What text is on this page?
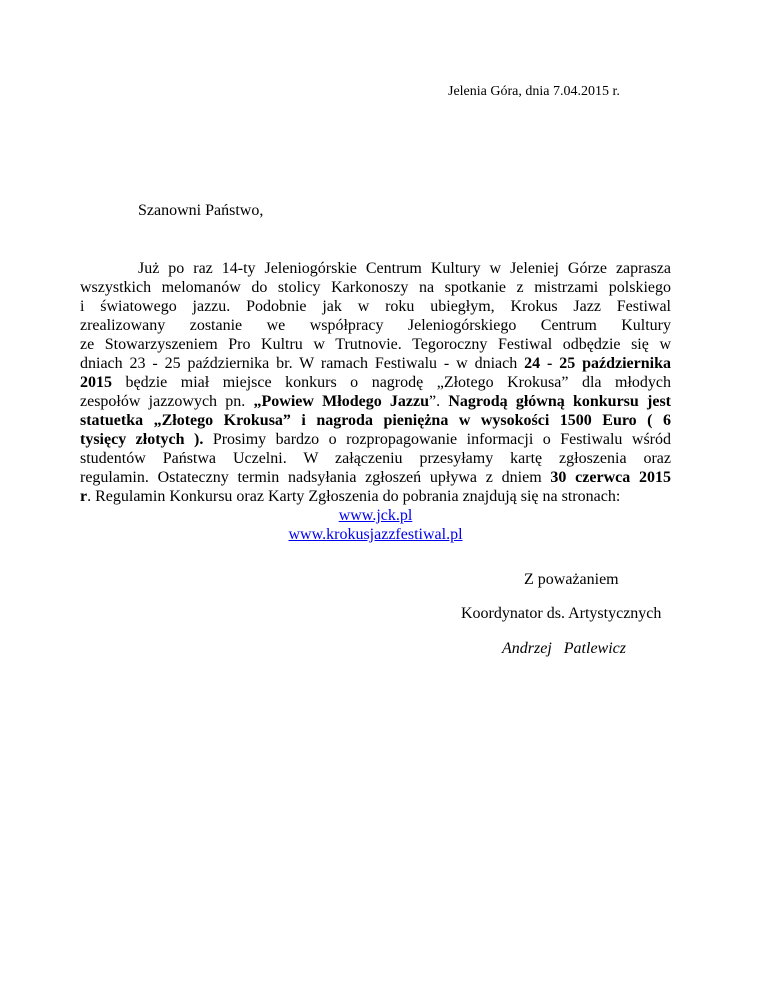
Jelenia Góra, dnia 7.04.2015 r.
Szanowni Państwo,
Już po raz 14-ty Jeleniogórskie Centrum Kultury w Jeleniej Górze zaprasza
wszystkich melomanów do stolicy Karkonoszy na spotkanie z mistrzami polskiego
i światowego jazzu. Podobnie jak w roku ubiegłym, Krokus Jazz Festiwal
zrealizowany zostanie we współpracy Jeleniogórskiego Centrum Kultury
ze Stowarzyszeniem Pro Kultru w Trutnovie. Tegoroczny Festiwal odbędzie się w
dniach 23 - 25 października br. W ramach Festiwalu - w dniach 24 - 25 października
2015 będzie miał miejsce konkurs o nagrodę „Złotego Krokusa” dla młodych
zespołów jazzowych pn. „Powiew Młodego Jazzu”. Nagrodą główną konkursu jest
statuetka „Złotego Krokusa” i nagroda pieniężna w wysokości 1500 Euro ( 6
tysięcy złotych ). Prosimy bardzo o rozpropagowanie informacji o Festiwalu wśród
studentów Państwa Uczelni. W załączeniu przesyłamy kartę zgłoszenia oraz
regulamin. Ostateczny termin nadsyłania zgłoszeń upływa z dniem 30 czerwca 2015
r. Regulamin Konkursu oraz Karty Zgłoszenia do pobrania znajdują się na stronach:
www.jck.pl
www.krokusjazzfestiwal.pl
Z poważaniem
Koordynator ds. Artystycznych
Andrzej Patlewicz
